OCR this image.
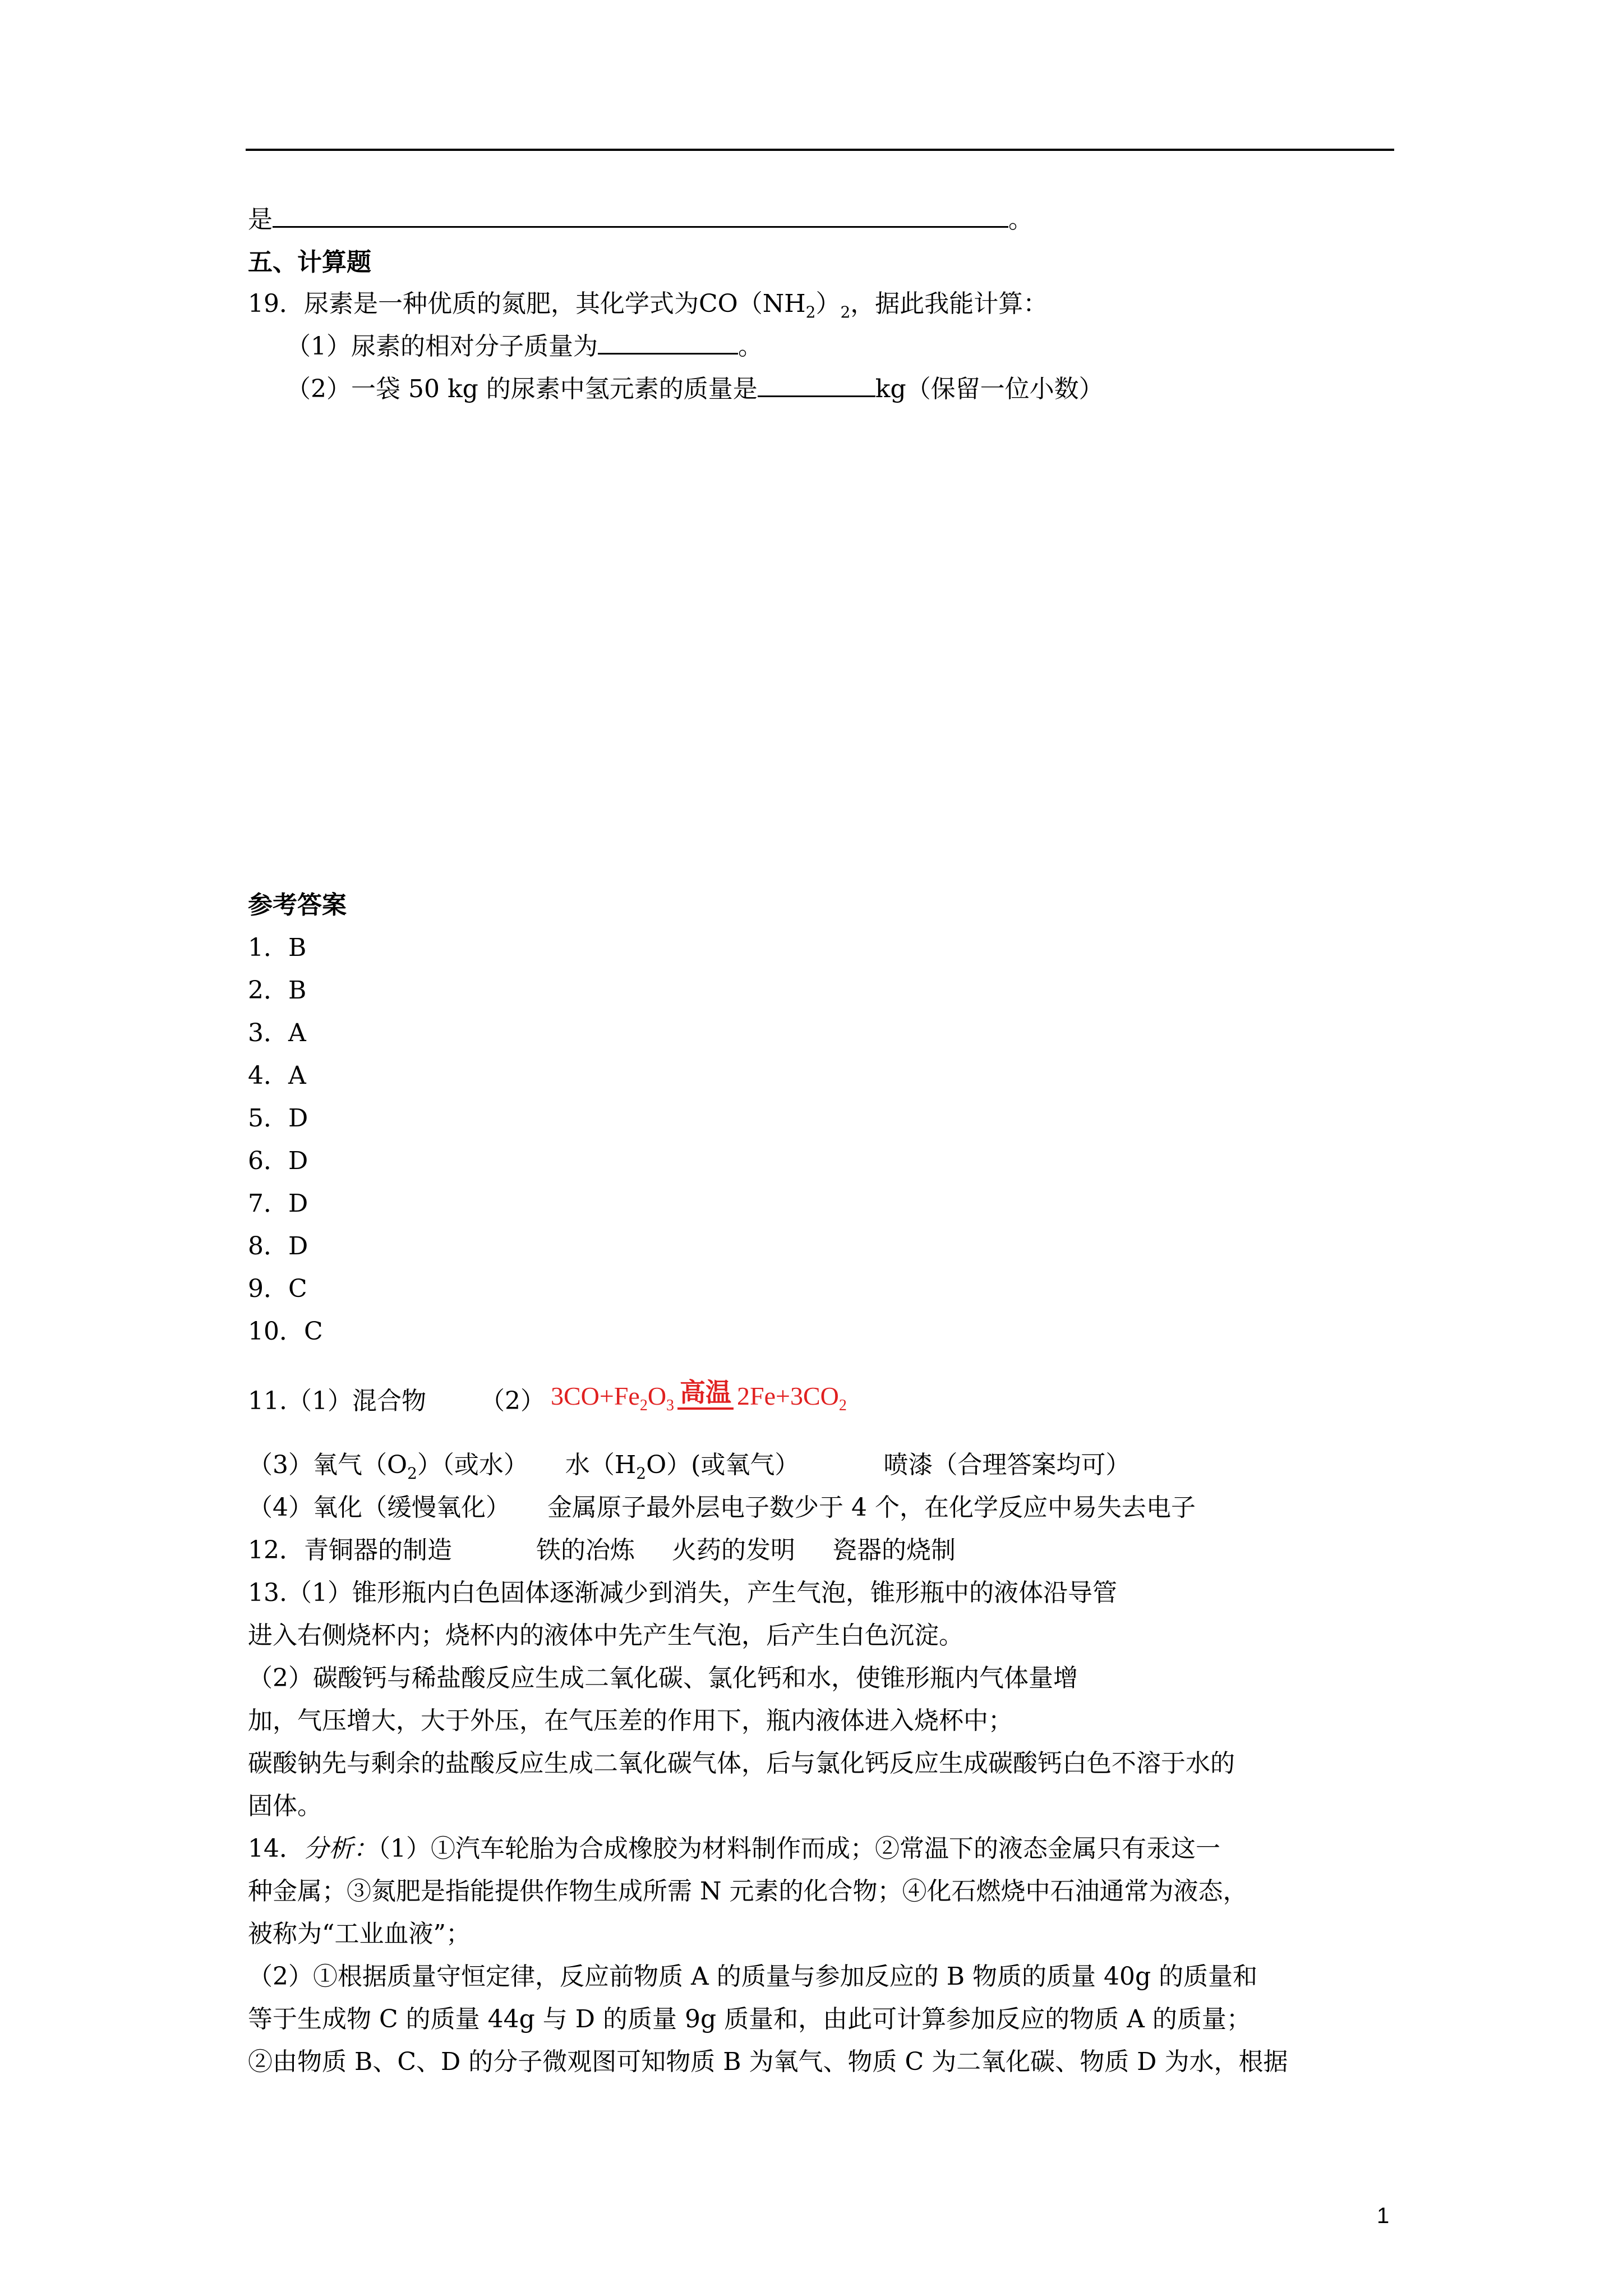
是	。
五、计算题
19．尿素是一种优质的氮肥，其化学式为$CO(NH_2)_2$，据此我能计算：
（1）尿素的相对分子质量为	。
（2）一袋 50 kg 的尿素中氢元素的质量是	kg（保留一位小数）
参考答案
1．B
2．B
3．A
4．A
5．D
6．D
7．D
8．D
9．C
10．C
11.（1）混合物 （2） $3CO+Fe_2O_3$ 高温 $2Fe+3CO_2$
（3）氧气$(O_2)$（或水） 水$(H_2O)$(或氧气）	喷漆（合理答案均可）
（4）氧化（缓慢氧化） 金属原子最外层电子数少于 4 个，在化学反应中易失去电子
12．青铜器的制造	铁的冶炼 火药的发明 瓷器的烧制
13.（1）锥形瓶内白色固体逐渐减少到消失，产生气泡，锥形瓶中的液体沿导管
进入右侧烧杯内；烧杯内的液体中先产生气泡，后产生白色沉淀。
（2）碳酸钙与稀盐酸反应生成二氧化碳、氯化钙和水，使锥形瓶内气体量增
加，气压增大，大于外压，在气压差的作用下，瓶内液体进入烧杯中；
碳酸钠先与剩余的盐酸反应生成二氧化碳气体，后与氯化钙反应生成碳酸钙白色不溶于水的
固体。
14．分析：（1）①汽车轮胎为合成橡胶为材料制作而成；②常温下的液态金属只有汞这一
种金属；③氮肥是指能提供作物生成所需 N 元素的化合物；④化石燃烧中石油通常为液态，
被称为“工业血液”；
（2）①根据质量守恒定律，反应前物质 A 的质量与参加反应的 B 物质的质量 40g 的质量和
等于生成物 C 的质量 44g 与 D 的质量 9g 质量和，由此可计算参加反应的物质 A 的质量；
②由物质 B、C、D 的分子微观图可知物质 B 为氧气、物质 C 为二氧化碳、物质 D 为水，根据
1
